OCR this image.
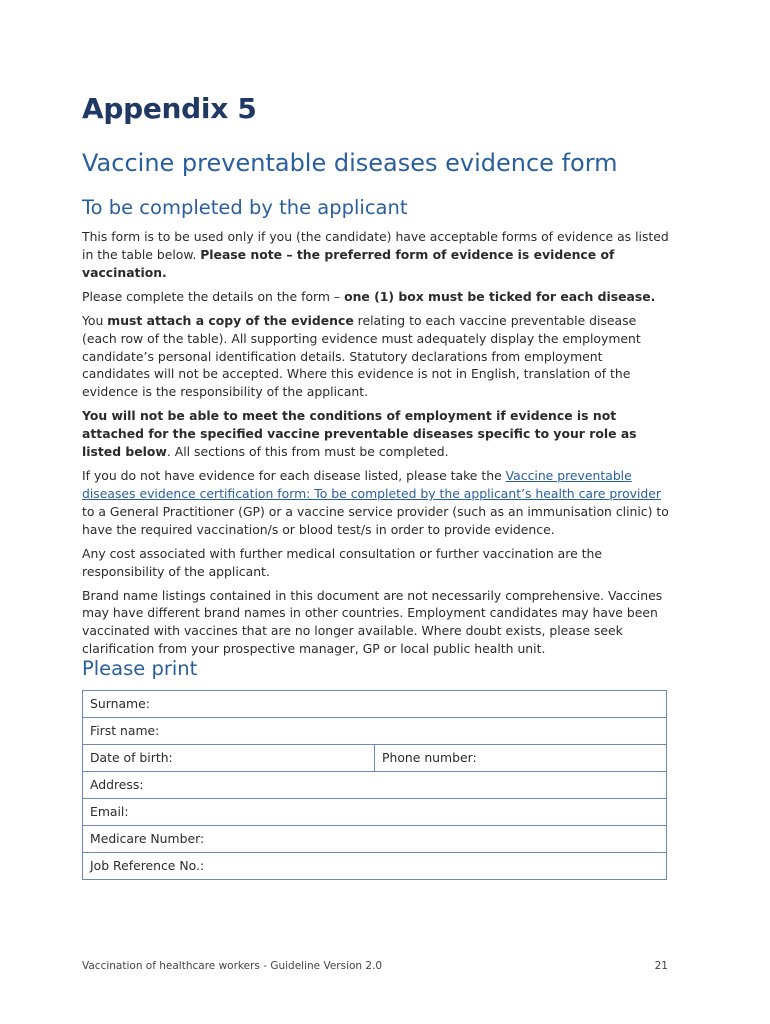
Appendix 5
Vaccine preventable diseases evidence form
To be completed by the applicant

This form is to be used only if you (the candidate) have acceptable forms of evidence as listed in the table below. Please note – the preferred form of evidence is evidence of vaccination.

Please complete the details on the form – one (1) box must be ticked for each disease.

You must attach a copy of the evidence relating to each vaccine preventable disease (each row of the table). All supporting evidence must adequately display the employment candidate’s personal identification details. Statutory declarations from employment candidates will not be accepted. Where this evidence is not in English, translation of the evidence is the responsibility of the applicant.

You will not be able to meet the conditions of employment if evidence is not attached for the specified vaccine preventable diseases specific to your role as listed below. All sections of this from must be completed.

If you do not have evidence for each disease listed, please take the Vaccine preventable diseases evidence certification form: To be completed by the applicant’s health care provider to a General Practitioner (GP) or a vaccine service provider (such as an immunisation clinic) to have the required vaccination/s or blood test/s in order to provide evidence.

Any cost associated with further medical consultation or further vaccination are the responsibility of the applicant.

Brand name listings contained in this document are not necessarily comprehensive. Vaccines may have different brand names in other countries. Employment candidates may have been vaccinated with vaccines that are no longer available. Where doubt exists, please seek clarification from your prospective manager, GP or local public health unit.

Please print
Surname:
First name:
Date of birth:	Phone number:
Address:
Email:
Medicare Number:
Job Reference No.:
Vaccination of healthcare workers - Guideline Version 2.0	21
